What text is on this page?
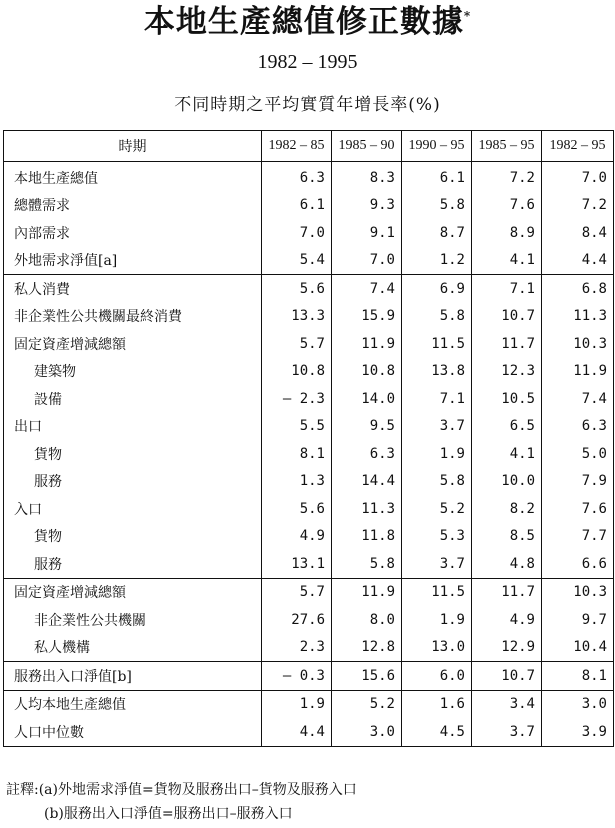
本地生產總值修正數據*
1982 – 1995
不同時期之平均實質年增長率(%)
時期	1982 – 85	1985 – 90	1990 – 95	1985 – 95	1982 – 95
本地生產總值	6.3	8.3	6.1	7.2	7.0
總體需求	6.1	9.3	5.8	7.6	7.2
內部需求	7.0	9.1	8.7	8.9	8.4
外地需求淨值[a]	5.4	7.0	1.2	4.1	4.4
私人消費	5.6	7.4	6.9	7.1	6.8
非企業性公共機關最終消費	13.3	15.9	5.8	10.7	11.3
固定資產增減總額	5.7	11.9	11.5	11.7	10.3
建築物	10.8	10.8	13.8	12.3	11.9
設備	– 2.3	14.0	7.1	10.5	7.4
出口	5.5	9.5	3.7	6.5	6.3
貨物	8.1	6.3	1.9	4.1	5.0
服務	1.3	14.4	5.8	10.0	7.9
入口	5.6	11.3	5.2	8.2	7.6
貨物	4.9	11.8	5.3	8.5	7.7
服務	13.1	5.8	3.7	4.8	6.6
固定資產增減總額	5.7	11.9	11.5	11.7	10.3
非企業性公共機關	27.6	8.0	1.9	4.9	9.7
私人機構	2.3	12.8	13.0	12.9	10.4
服務出入口淨值[b]	– 0.3	15.6	6.0	10.7	8.1
人均本地生產總值	1.9	5.2	1.6	3.4	3.0
人口中位數	4.4	3.0	4.5	3.7	3.9
註釋:(a)外地需求淨值=貨物及服務出口–貨物及服務入口
(b)服務出入口淨值=服務出口–服務入口
